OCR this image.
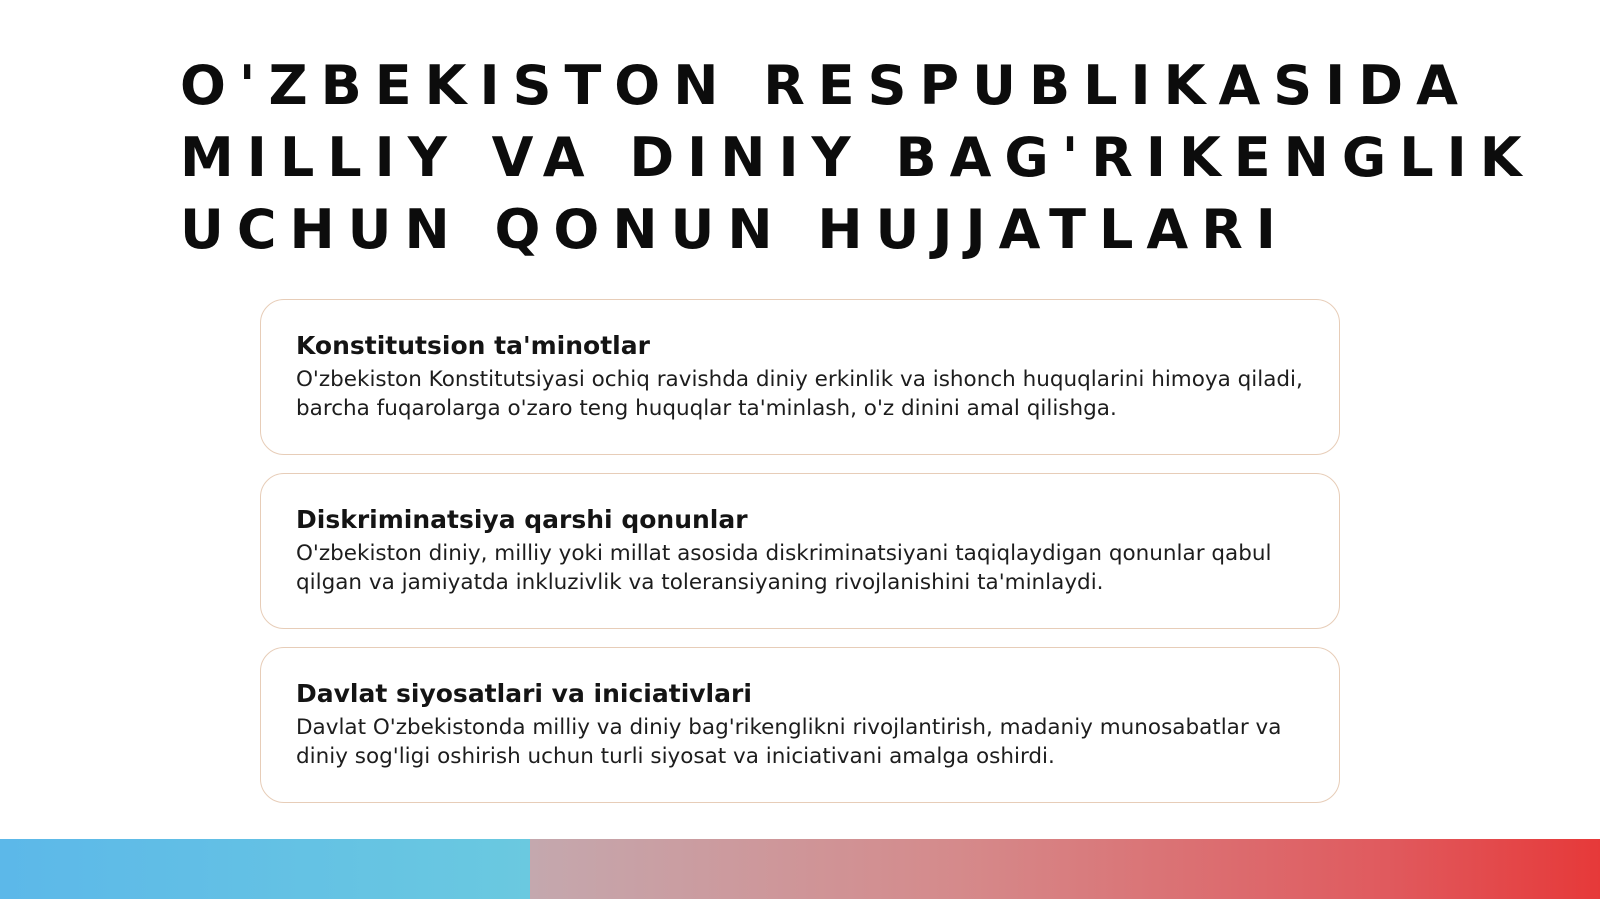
O'ZBEKISTON RESPUBLIKASIDA
MILLIY VA DINIY BAG'RIKENGLIK
UCHUN QONUN HUJJATLARI
Konstitutsion ta'minotlar

O'zbekiston Konstitutsiyasi ochiq ravishda diniy erkinlik va ishonch huquqlarini himoya qiladi, barcha fuqarolarga o'zaro teng huquqlar ta'minlash, o'z dinini amal qilishga.

Diskriminatsiya qarshi qonunlar

O'zbekiston diniy, milliy yoki millat asosida diskriminatsiyani taqiqlaydigan qonunlar qabul qilgan va jamiyatda inkluzivlik va toleransiyaning rivojlanishini ta'minlaydi.

Davlat siyosatlari va iniciativlari

Davlat O'zbekistonda milliy va diniy bag'rikenglikni rivojlantirish, madaniy munosabatlar va diniy sog'ligi oshirish uchun turli siyosat va iniciativani amalga oshirdi.
